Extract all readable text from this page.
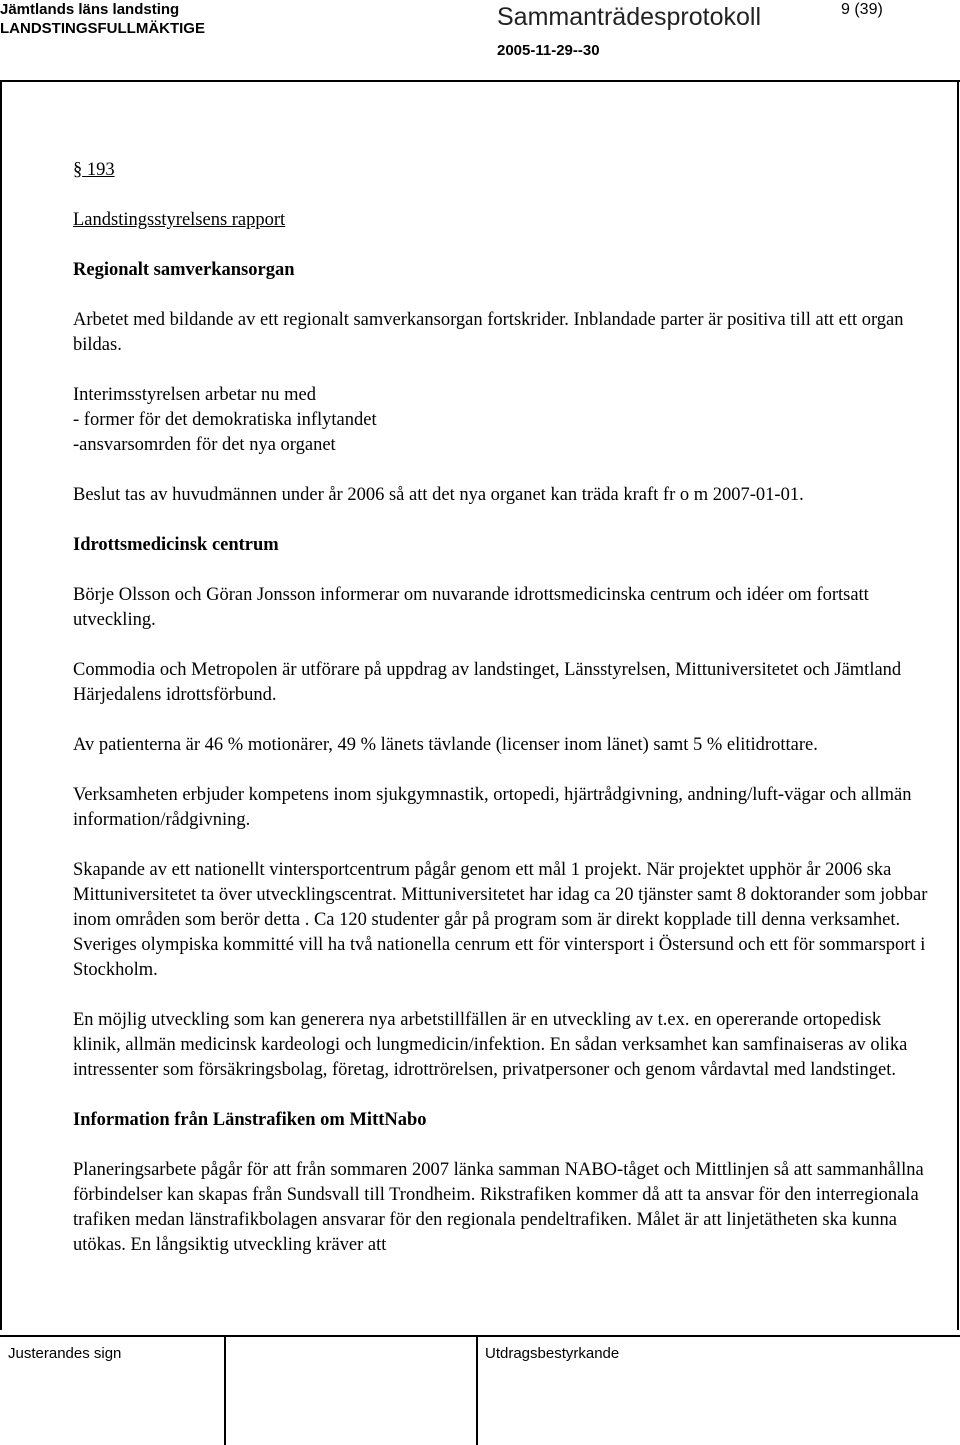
Jämtlands läns landsting
LANDSTINGSFULLMÄKTIGE	Sammanträdesprotokoll
2005-11-29--30
9 (39)

§ 193

Landstingsstyrelsens rapport

Regionalt samverkansorgan

Arbetet med bildande av ett regionalt samverkansorgan fortskrider. Inblandade parter är positiva till att ett organ bildas.

Interimsstyrelsen arbetar nu med

- former för det demokratiska inflytandet

-ansvarsomrden för det nya organet

Beslut tas av huvudmännen under år 2006 så att det nya organet kan träda kraft fr o m 2007-01-01.

Idrottsmedicinsk centrum

Börje Olsson och Göran Jonsson informerar om nuvarande idrottsmedicinska centrum och idéer om fortsatt utveckling.

Commodia och Metropolen är utförare på uppdrag av landstinget, Länsstyrelsen, Mittuniversitetet och Jämtland Härjedalens idrottsförbund.

Av patienterna är 46 % motionärer, 49 % länets tävlande (licenser inom länet) samt 5 % elitidrottare.

Verksamheten erbjuder kompetens inom sjukgymnastik, ortopedi, hjärtrådgivning, andning/luft-vägar och allmän information/rådgivning.

Skapande av ett nationellt vintersportcentrum pågår genom ett mål 1 projekt. När projektet upphör år 2006 ska Mittuniversitetet ta över utvecklingscentrat. Mittuniversitetet har idag ca 20 tjänster samt 8 doktorander som jobbar inom områden som berör detta . Ca 120 studenter går på program som är direkt kopplade till denna verksamhet. Sveriges olympiska kommitté vill ha två nationella cenrum ett för vintersport i Östersund och ett för sommarsport i Stockholm.

En möjlig utveckling som kan generera nya arbetstillfällen är en utveckling av t.ex. en opererande ortopedisk klinik, allmän medicinsk kardeologi och lungmedicin/infektion. En sådan verksamhet kan samfinaiseras av olika intressenter som försäkringsbolag, företag, idrottrörelsen, privatpersoner och genom vårdavtal med landstinget.

Information från Länstrafiken om MittNabo

Planeringsarbete pågår för att från sommaren 2007 länka samman NABO-tåget och Mittlinjen så att sammanhållna förbindelser kan skapas från Sundsvall till Trondheim. Rikstrafiken kommer då att ta ansvar för den interregionala trafiken medan länstrafikbolagen ansvarar för den regionala pendeltrafiken. Målet är att linjetätheten ska kunna utökas. En långsiktig utveckling kräver att

Justerandes sign	Utdragsbestyrkande
